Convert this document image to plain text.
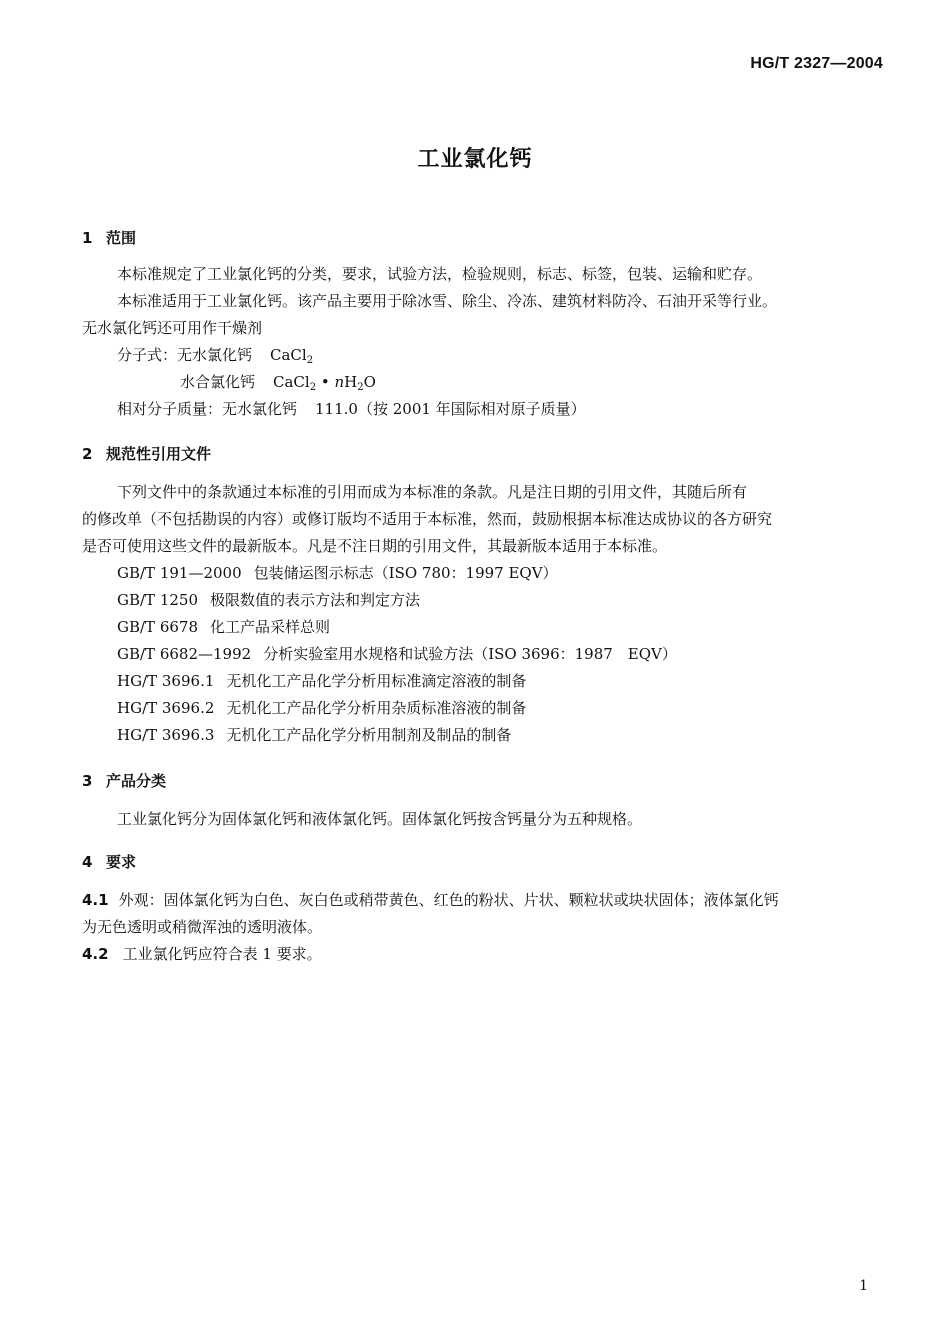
HG/T 2327—2004
工业氯化钙
1 范围
本标准规定了工业氯化钙的分类，要求，试验方法，检验规则，标志、标签，包装、运输和贮存。
本标准适用于工业氯化钙。该产品主要用于除冰雪、除尘、冷冻、建筑材料防冷、石油开采等行业。
无水氯化钙还可用作干燥剂
分子式：无水氯化钙 CaCl$_2$
水合氯化钙 CaCl$_2$ • $nH_2O$
相对分子质量：无水氯化钙 111.0（按 2001 年国际相对原子质量）
2 规范性引用文件
下列文件中的条款通过本标准的引用而成为本标准的条款。凡是注日期的引用文件，其随后所有
的修改单（不包括勘误的内容）或修订版均不适用于本标准，然而，鼓励根据本标准达成协议的各方研究
是否可使用这些文件的最新版本。凡是不注日期的引用文件，其最新版本适用于本标准。
GB/T 191—2000 包装储运图示标志（ISO 780：1997 EQV）
GB/T 1250 极限数值的表示方法和判定方法
GB/T 6678 化工产品采样总则
GB/T 6682—1992 分析实验室用水规格和试验方法（ISO 3696：1987　EQV）
HG/T 3696.1 无机化工产品化学分析用标准滴定溶液的制备
HG/T 3696.2 无机化工产品化学分析用杂质标准溶液的制备
HG/T 3696.3 无机化工产品化学分析用制剂及制品的制备
3 产品分类
工业氯化钙分为固体氯化钙和液体氯化钙。固体氯化钙按含钙量分为五种规格。
4 要求
4.1 外观：固体氯化钙为白色、灰白色或稍带黄色、红色的粉状、片状、颗粒状或块状固体；液体氯化钙
为无色透明或稍微浑浊的透明液体。
4.2 工业氯化钙应符合表 1 要求。
1
